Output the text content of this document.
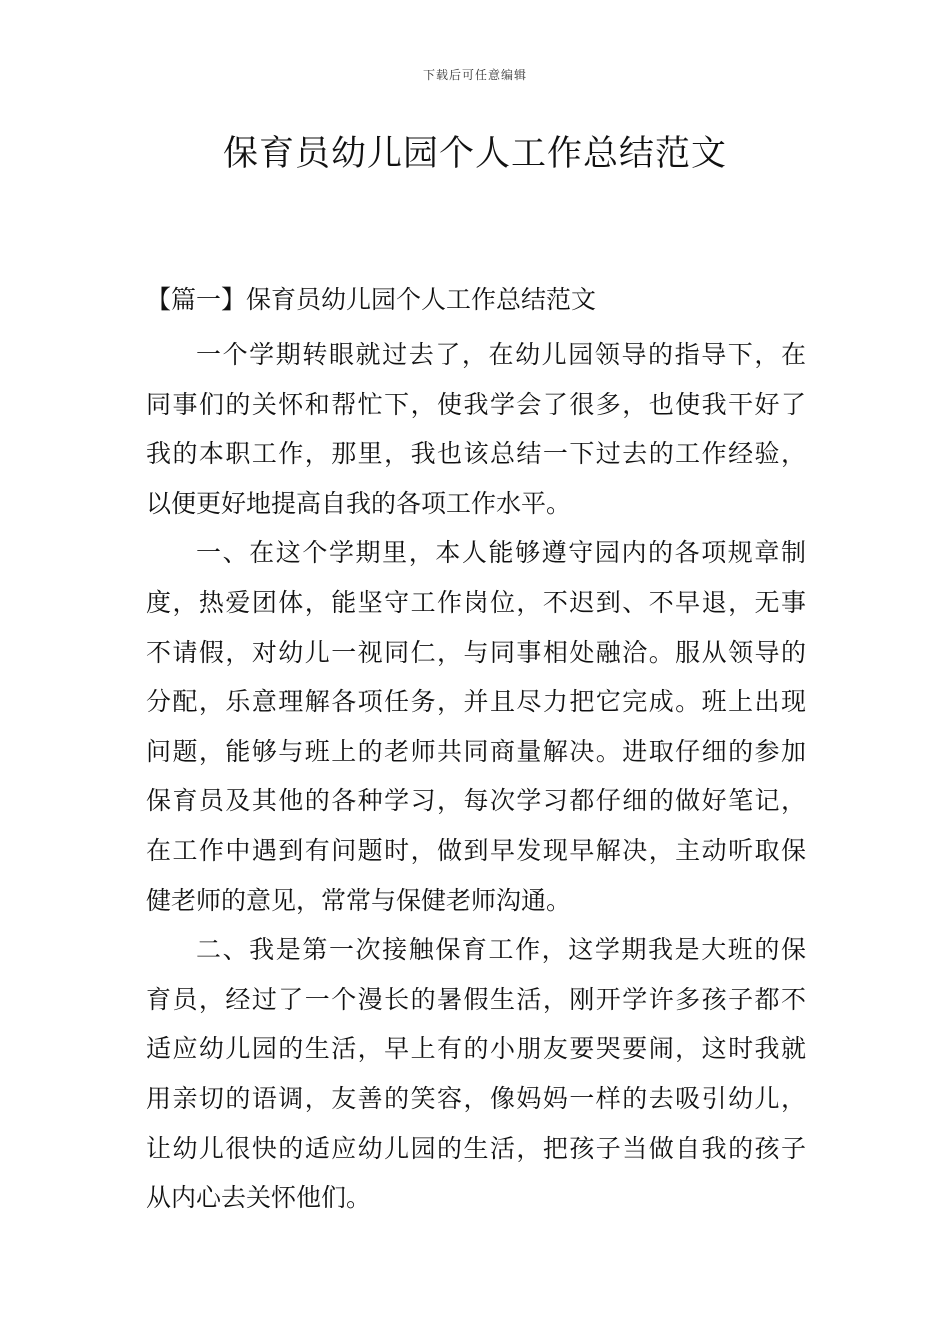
下载后可任意编辑
保育员幼儿园个人工作总结范文
【篇一】保育员幼儿园个人工作总结范文
一个学期转眼就过去了，在幼儿园领导的指导下，在
同事们的关怀和帮忙下，使我学会了很多，也使我干好了
我的本职工作，那里，我也该总结一下过去的工作经验，
以便更好地提高自我的各项工作水平。
一、在这个学期里，本人能够遵守园内的各项规章制
度，热爱团体，能坚守工作岗位，不迟到、不早退，无事
不请假，对幼儿一视同仁，与同事相处融洽。服从领导的
分配，乐意理解各项任务，并且尽力把它完成。班上出现
问题，能够与班上的老师共同商量解决。进取仔细的参加
保育员及其他的各种学习，每次学习都仔细的做好笔记，
在工作中遇到有问题时，做到早发现早解决，主动听取保
健老师的意见，常常与保健老师沟通。
二、我是第一次接触保育工作，这学期我是大班的保
育员，经过了一个漫长的暑假生活，刚开学许多孩子都不
适应幼儿园的生活，早上有的小朋友要哭要闹，这时我就
用亲切的语调，友善的笑容，像妈妈一样的去吸引幼儿，
让幼儿很快的适应幼儿园的生活，把孩子当做自我的孩子
从内心去关怀他们。
